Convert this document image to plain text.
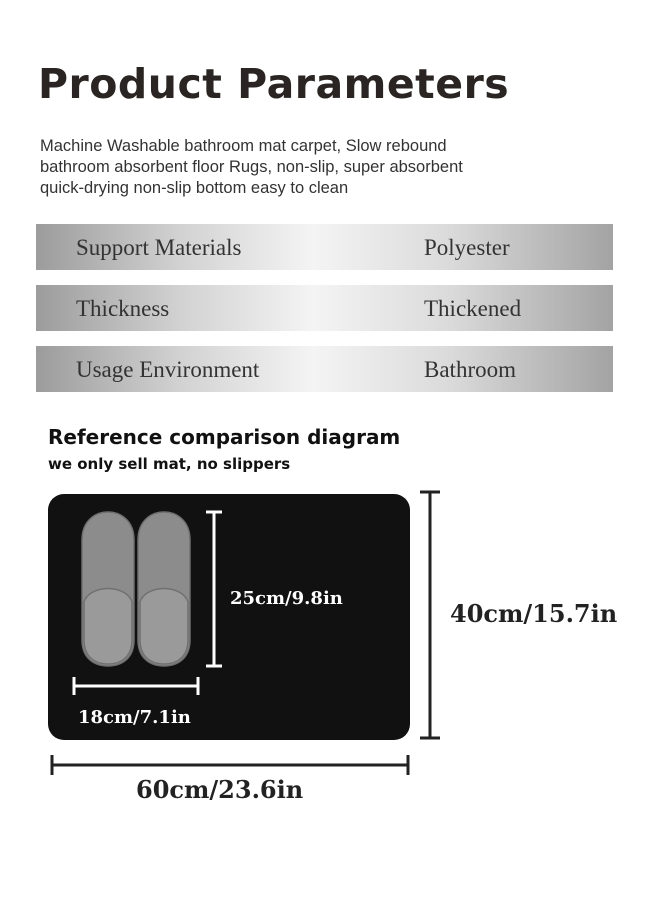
Product Parameters

Machine Washable bathroom mat carpet, Slow rebound
bathroom absorbent floor Rugs, non-slip, super absorbent
quick-drying non-slip bottom easy to clean

Support Materials	Polyester
Thickness	Thickened
Usage Environment	Bathroom
Reference comparison diagram
we only sell mat, no slippers
25cm/9.8in
18cm/7.1in
40cm/15.7in
60cm/23.6in
